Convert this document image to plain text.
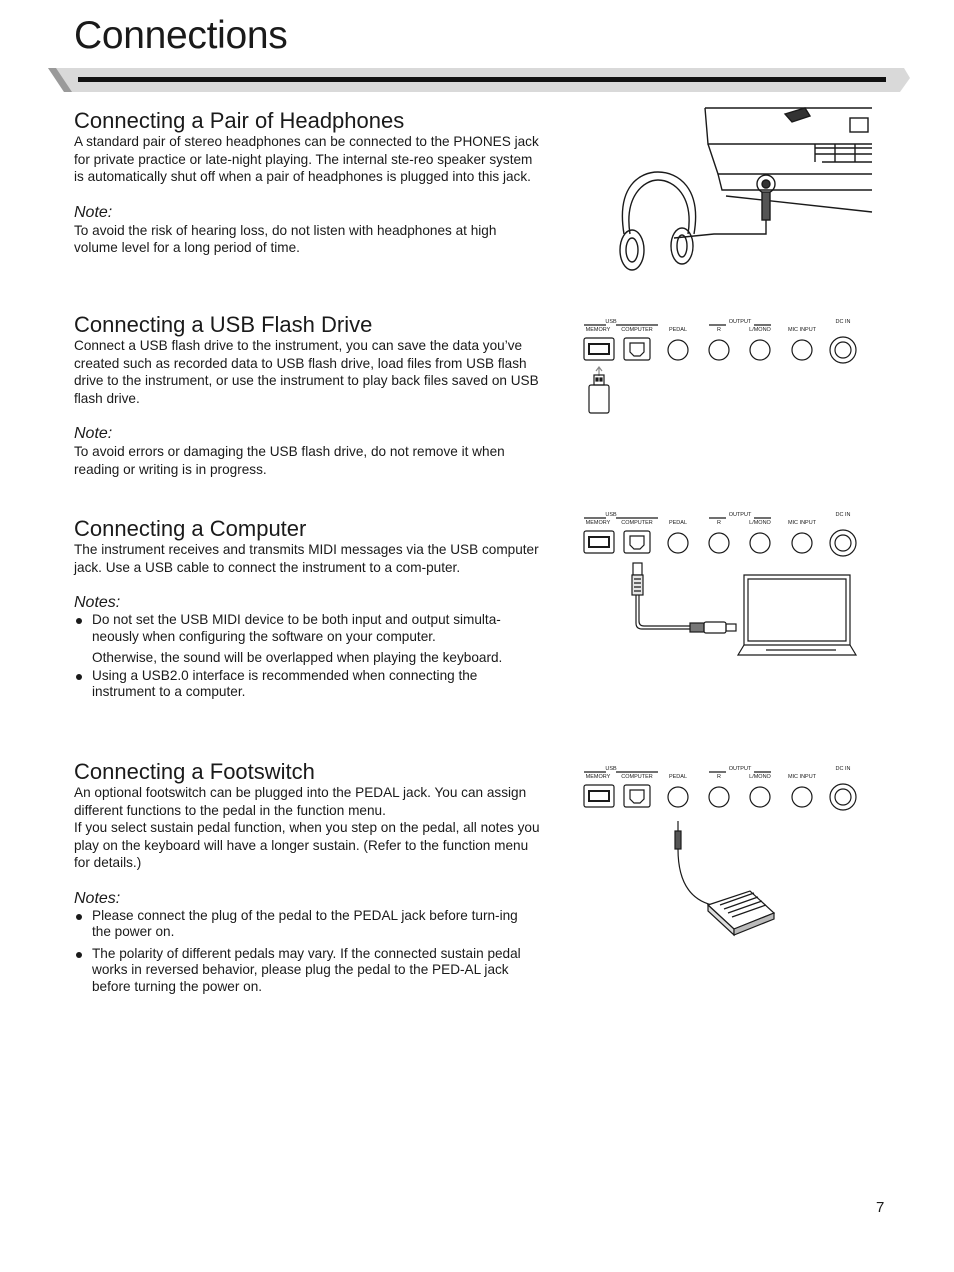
Connections
Connecting a Pair of Headphones

A standard pair of stereo headphones can be connected to the PHONES jack for private practice or late-night playing. The internal ste-reo speaker system is automatically shut off when a pair of headphones is plugged into this jack.

Note:

To avoid the risk of hearing loss, do not listen with headphones at high volume level for a long period of time.

Connecting a USB Flash Drive

Connect a USB flash drive to the instrument, you can save the data you’ve created such as recorded data to USB flash drive, load files from USB flash drive to the instrument, or use the instrument to play back files saved on USB flash drive.

Note:

To avoid errors or damaging the USB flash drive, do not remove it when reading or writing is in progress.

USB
MEMORY COMPUTER	PEDAL
OUTPUT
R	L/MONO	MIC INPUT
DC IN
Connecting a Computer

The instrument receives and transmits MIDI messages via the USB computer jack. Use a USB cable to connect the instrument to a com-puter.

Notes:
Do not set the USB MIDI device to be both input and output simulta-neously when configuring the software on your computer.
Otherwise, the sound will be overlapped when playing the keyboard.
Using a USB2.0 interface is recommended when connecting the instrument to a computer.
USB
MEMORY COMPUTER	PEDAL
OUTPUT
R	L/MONO	MIC INPUT
DC IN
Connecting a Footswitch

An optional footswitch can be plugged into the PEDAL jack. You can assign different functions to the pedal in the function menu.

If you select sustain pedal function, when you step on the pedal, all notes you play on the keyboard will have a longer sustain. (Refer to the function menu for details.)

Notes:
Please connect the plug of the pedal to the PEDAL jack before turn-ing the power on.
The polarity of different pedals may vary. If the connected sustain pedal works in reversed behavior, please plug the pedal to the PED-AL jack before turning the power on.
USB
MEMORY COMPUTER	PEDAL
OUTPUT
R	L/MONO	MIC INPUT
DC IN
7
